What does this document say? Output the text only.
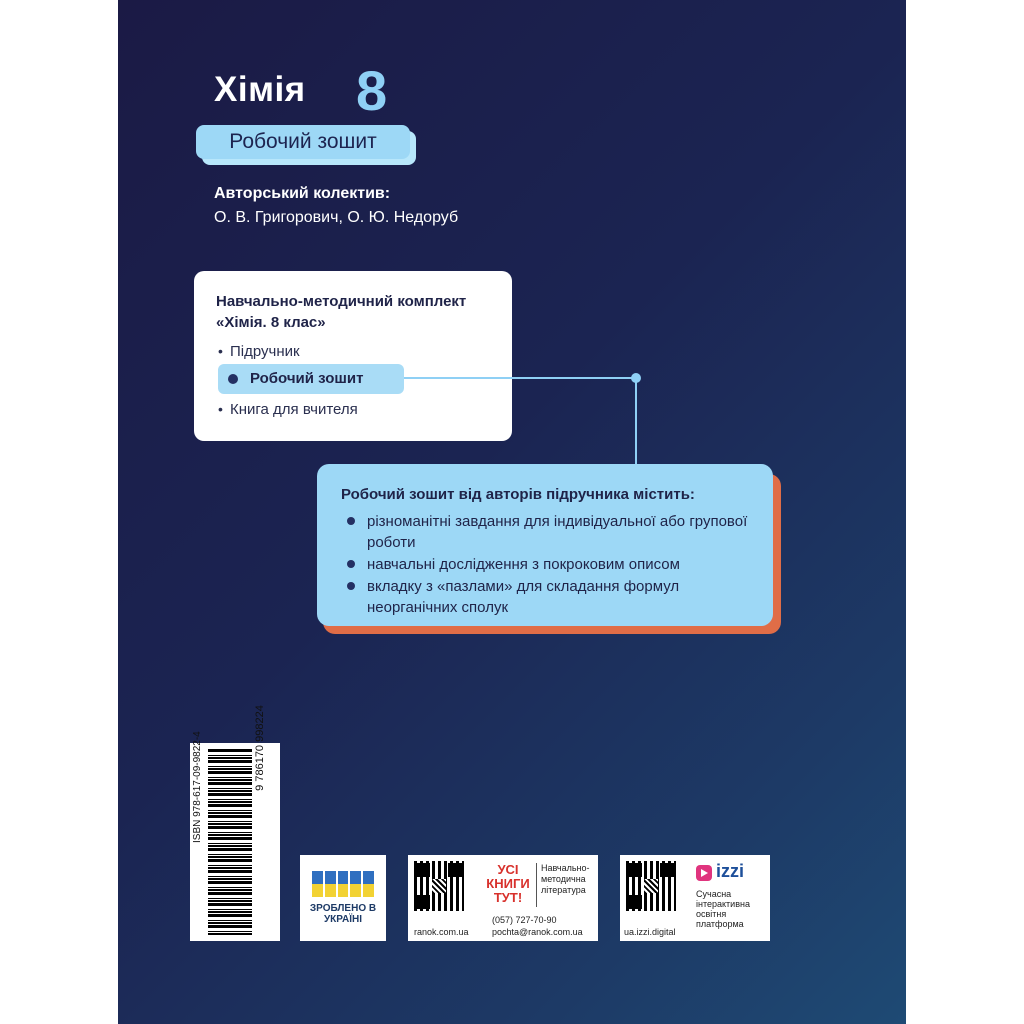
Хімія 8
Робочий зошит
Авторський колектив:
О. В. Григорович, О. Ю. Недоруб
Навчально-методичний комплект
«Хімія. 8 клас»
• Підручник
Робочий зошит
• Книга для вчителя
Робочий зошит від авторів підручника містить:
різноманітні завдання для індивідуальної або групової роботи
навчальні дослідження з покроковим описом
вкладку з «пазлами» для складання формул неорганічних сполук
ISBN 978-617-09-9822-4	9 786170 998224
ЗРОБЛЕНО В УКРАЇНІ
УСІ КНИГИ ТУТ!
Навчально-методична література
(057) 727-70-90
ranok.com.ua	pochta@ranok.com.ua
izzi
Сучасна інтерактивна освітня платформа
ua.izzi.digital
